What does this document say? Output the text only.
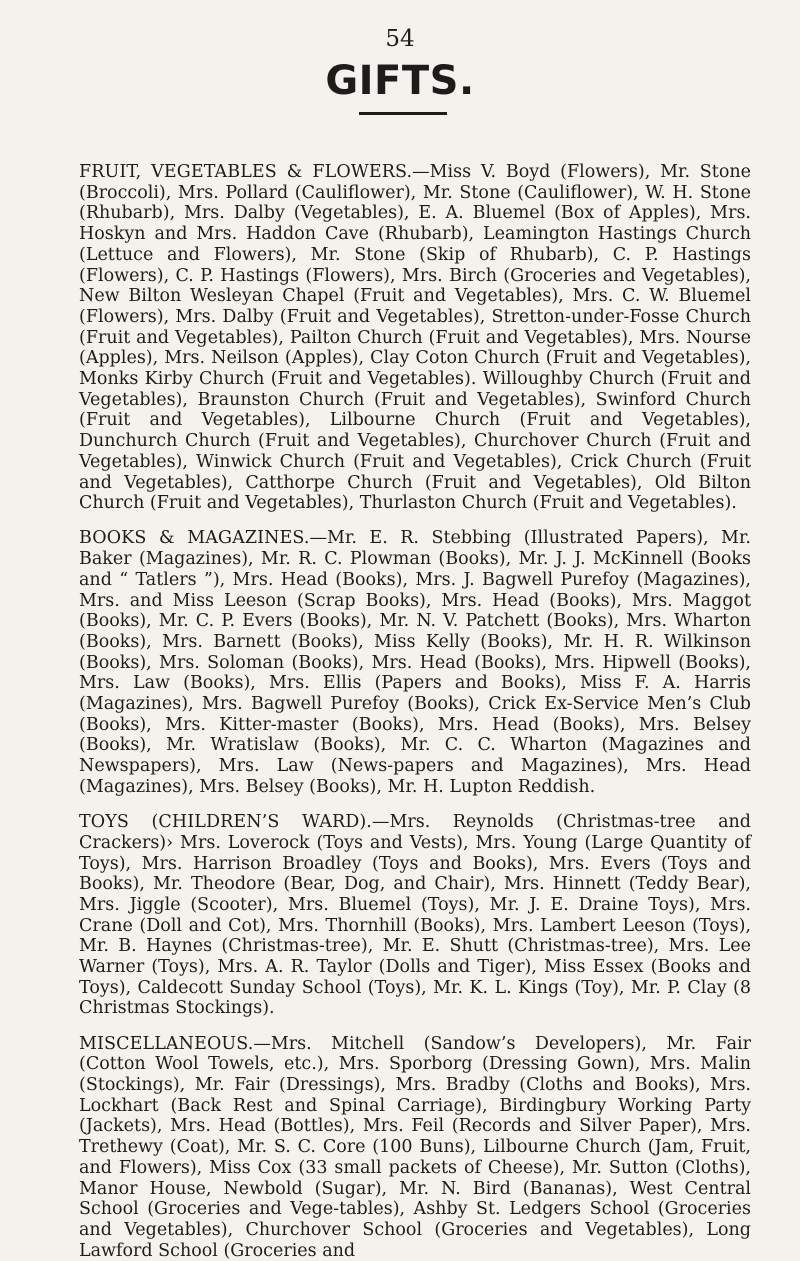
54
GIFTS.

FRUIT, VEGETABLES & FLOWERS.—Miss V. Boyd (Flowers), Mr. Stone (Broccoli), Mrs. Pollard (Cauliflower), Mr. Stone (Cauliflower), W. H. Stone (Rhubarb), Mrs. Dalby (Vegetables), E. A. Bluemel (Box of Apples), Mrs. Hoskyn and Mrs. Haddon Cave (Rhubarb), Leamington Hastings Church (Lettuce and Flowers), Mr. Stone (Skip of Rhubarb), C. P. Hastings (Flowers), C. P. Hastings (Flowers), Mrs. Birch (Groceries and Vegetables), New Bilton Wesleyan Chapel (Fruit and Vegetables), Mrs. C. W. Bluemel (Flowers), Mrs. Dalby (Fruit and Vegetables), Stretton-under-Fosse Church (Fruit and Vegetables), Pailton Church (Fruit and Vegetables), Mrs. Nourse (Apples), Mrs. Neilson (Apples), Clay Coton Church (Fruit and Vegetables), Monks Kirby Church (Fruit and Vegetables). Willoughby Church (Fruit and Vegetables), Braunston Church (Fruit and Vegetables), Swinford Church (Fruit and Vegetables), Lilbourne Church (Fruit and Vegetables), Dunchurch Church (Fruit and Vegetables), Churchover Church (Fruit and Vegetables), Winwick Church (Fruit and Vegetables), Crick Church (Fruit and Vegetables), Catthorpe Church (Fruit and Vegetables), Old Bilton Church (Fruit and Vegetables), Thurlaston Church (Fruit and Vegetables).

BOOKS & MAGAZINES.—Mr. E. R. Stebbing (Illustrated Papers), Mr. Baker (Magazines), Mr. R. C. Plowman (Books), Mr. J. J. McKinnell (Books and “ Tatlers ”), Mrs. Head (Books), Mrs. J. Bagwell Purefoy (Magazines), Mrs. and Miss Leeson (Scrap Books), Mrs. Head (Books), Mrs. Maggot (Books), Mr. C. P. Evers (Books), Mr. N. V. Patchett (Books), Mrs. Wharton (Books), Mrs. Barnett (Books), Miss Kelly (Books), Mr. H. R. Wilkinson (Books), Mrs. Soloman (Books), Mrs. Head (Books), Mrs. Hipwell (Books), Mrs. Law (Books), Mrs. Ellis (Papers and Books), Miss F. A. Harris (Magazines), Mrs. Bagwell Purefoy (Books), Crick Ex-Service Men’s Club (Books), Mrs. Kitter-master (Books), Mrs. Head (Books), Mrs. Belsey (Books), Mr. Wratislaw (Books), Mr. C. C. Wharton (Magazines and Newspapers), Mrs. Law (News-papers and Magazines), Mrs. Head (Magazines), Mrs. Belsey (Books), Mr. H. Lupton Reddish.

TOYS (CHILDREN’S WARD).—Mrs. Reynolds (Christmas-tree and Crackers)› Mrs. Loverock (Toys and Vests), Mrs. Young (Large Quantity of Toys), Mrs. Harrison Broadley (Toys and Books), Mrs. Evers (Toys and Books), Mr. Theodore (Bear, Dog, and Chair), Mrs. Hinnett (Teddy Bear), Mrs. Jiggle (Scooter), Mrs. Bluemel (Toys), Mr. J. E. Draine Toys), Mrs. Crane (Doll and Cot), Mrs. Thornhill (Books), Mrs. Lambert Leeson (Toys), Mr. B. Haynes (Christmas-tree), Mr. E. Shutt (Christmas-tree), Mrs. Lee Warner (Toys), Mrs. A. R. Taylor (Dolls and Tiger), Miss Essex (Books and Toys), Caldecott Sunday School (Toys), Mr. K. L. Kings (Toy), Mr. P. Clay (8 Christmas Stockings).

MISCELLANEOUS.—Mrs. Mitchell (Sandow’s Developers), Mr. Fair (Cotton Wool Towels, etc.), Mrs. Sporborg (Dressing Gown), Mrs. Malin (Stockings), Mr. Fair (Dressings), Mrs. Bradby (Cloths and Books), Mrs. Lockhart (Back Rest and Spinal Carriage), Birdingbury Working Party (Jackets), Mrs. Head (Bottles), Mrs. Feil (Records and Silver Paper), Mrs. Trethewy (Coat), Mr. S. C. Core (100 Buns), Lilbourne Church (Jam, Fruit, and Flowers), Miss Cox (33 small packets of Cheese), Mr. Sutton (Cloths), Manor House, Newbold (Sugar), Mr. N. Bird (Bananas), West Central School (Groceries and Vege-tables), Ashby St. Ledgers School (Groceries and Vegetables), Churchover School (Groceries and Vegetables), Long Lawford School (Groceries and
